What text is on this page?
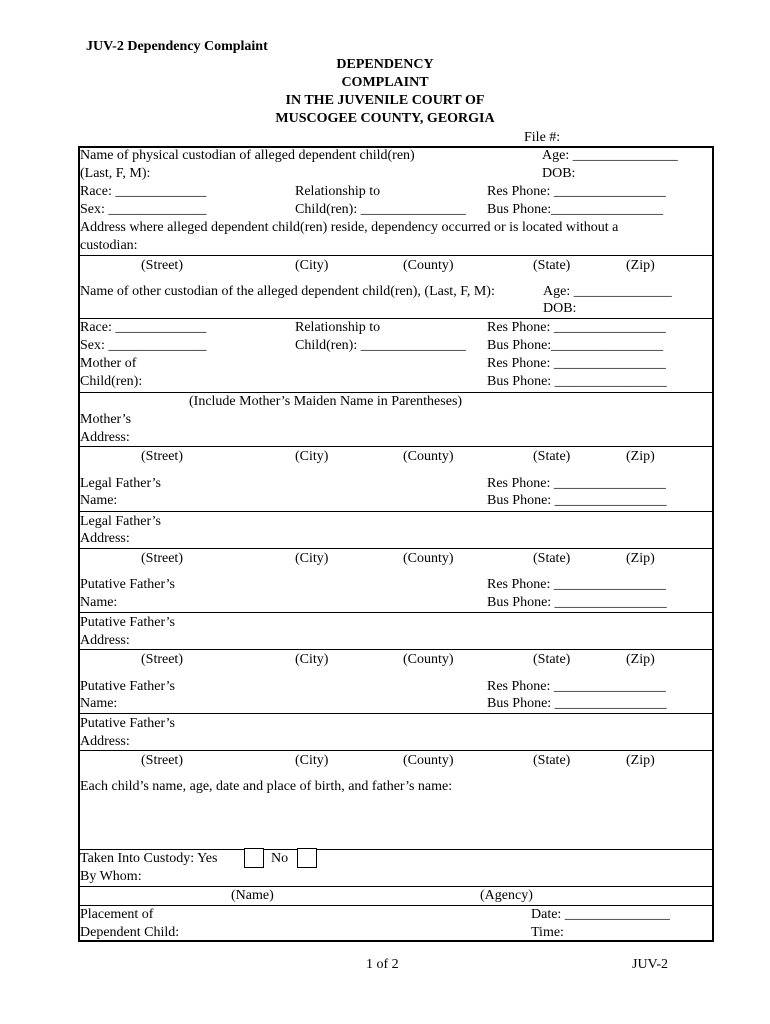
JUV-2 Dependency Complaint
DEPENDENCY
COMPLAINT
IN THE JUVENILE COURT OF
MUSCOGEE COUNTY, GEORGIA
File #:
Name of physical custodian of alleged dependent child(ren)
(Last, F, M):
Age: _______________
DOB:
Race: _____________
Sex: ______________
Relationship to
Child(ren): _______________
Res Phone: ________________
Bus Phone:________________
Address where alleged dependent child(ren) reside, dependency occurred or is located without a
custodian:
(Street)	(City)	(County)	(State)	(Zip)
Name of other custodian of the alleged dependent child(ren), (Last, F, M):	Age: ______________
DOB:
Race: _____________
Sex: ______________
Relationship to
Child(ren): _______________
Res Phone: ________________
Bus Phone:________________
Mother of
Child(ren):
Res Phone: ________________
Bus Phone: ________________
(Include Mother’s Maiden Name in Parentheses)
Mother’s
Address:
(Street)	(City)	(County)	(State)	(Zip)
Legal Father’s
Name:
Res Phone: ________________
Bus Phone: ________________
Legal Father’s
Address:
(Street)	(City)	(County)	(State)	(Zip)
Putative Father’s
Name:
Res Phone: ________________
Bus Phone: ________________
Putative Father’s
Address:
(Street)	(City)	(County)	(State)	(Zip)
Putative Father’s
Name:
Res Phone: ________________
Bus Phone: ________________
Putative Father’s
Address:
(Street)	(City)	(County)	(State)	(Zip)
Each child’s name, age, date and place of birth, and father’s name:
Taken Into Custody: Yes	No
By Whom:
(Name)	(Agency)
Placement of
Dependent Child:
Date: _______________
Time:
1 of 2	JUV-2
